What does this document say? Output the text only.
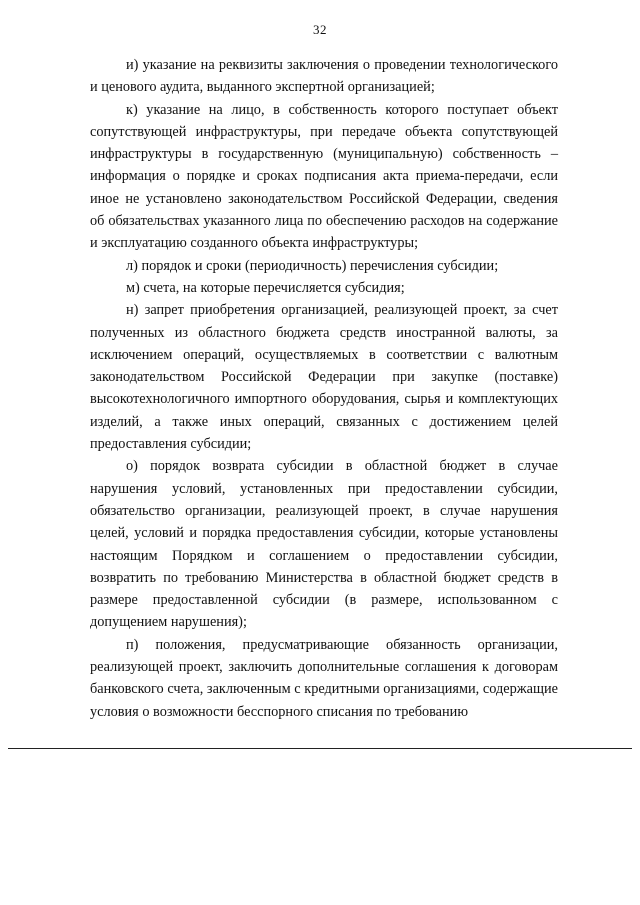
32

и) указание на реквизиты заключения о проведении технологического и ценового аудита, выданного экспертной организацией;

к) указание на лицо, в собственность которого поступает объект сопутствующей инфраструктуры, при передаче объекта сопутствующей инфраструктуры в государственную (муниципальную) собственность – информация о порядке и сроках подписания акта приема-передачи, если иное не установлено законодательством Российской Федерации, сведения об обязательствах указанного лица по обеспечению расходов на содержание и эксплуатацию созданного объекта инфраструктуры;

л) порядок и сроки (периодичность) перечисления субсидии;

м) счета, на которые перечисляется субсидия;

н) запрет приобретения организацией, реализующей проект, за счет полученных из областного бюджета средств иностранной валюты, за исключением операций, осуществляемых в соответствии с валютным законодательством Российской Федерации при закупке (поставке) высокотехнологичного импортного оборудования, сырья и комплектующих изделий, а также иных операций, связанных с достижением целей предоставления субсидии;

о) порядок возврата субсидии в областной бюджет в случае нарушения условий, установленных при предоставлении субсидии, обязательство организации, реализующей проект, в случае нарушения целей, условий и порядка предоставления субсидии, которые установлены настоящим Порядком и соглашением о предоставлении субсидии, возвратить по требованию Министерства в областной бюджет средств в размере предоставленной субсидии (в размере, использованном с допущением нарушения);

п) положения, предусматривающие обязанность организации, реализующей проект, заключить дополнительные соглашения к договорам банковского счета, заключенным с кредитными организациями, содержащие условия о возможности бесспорного списания по требованию
